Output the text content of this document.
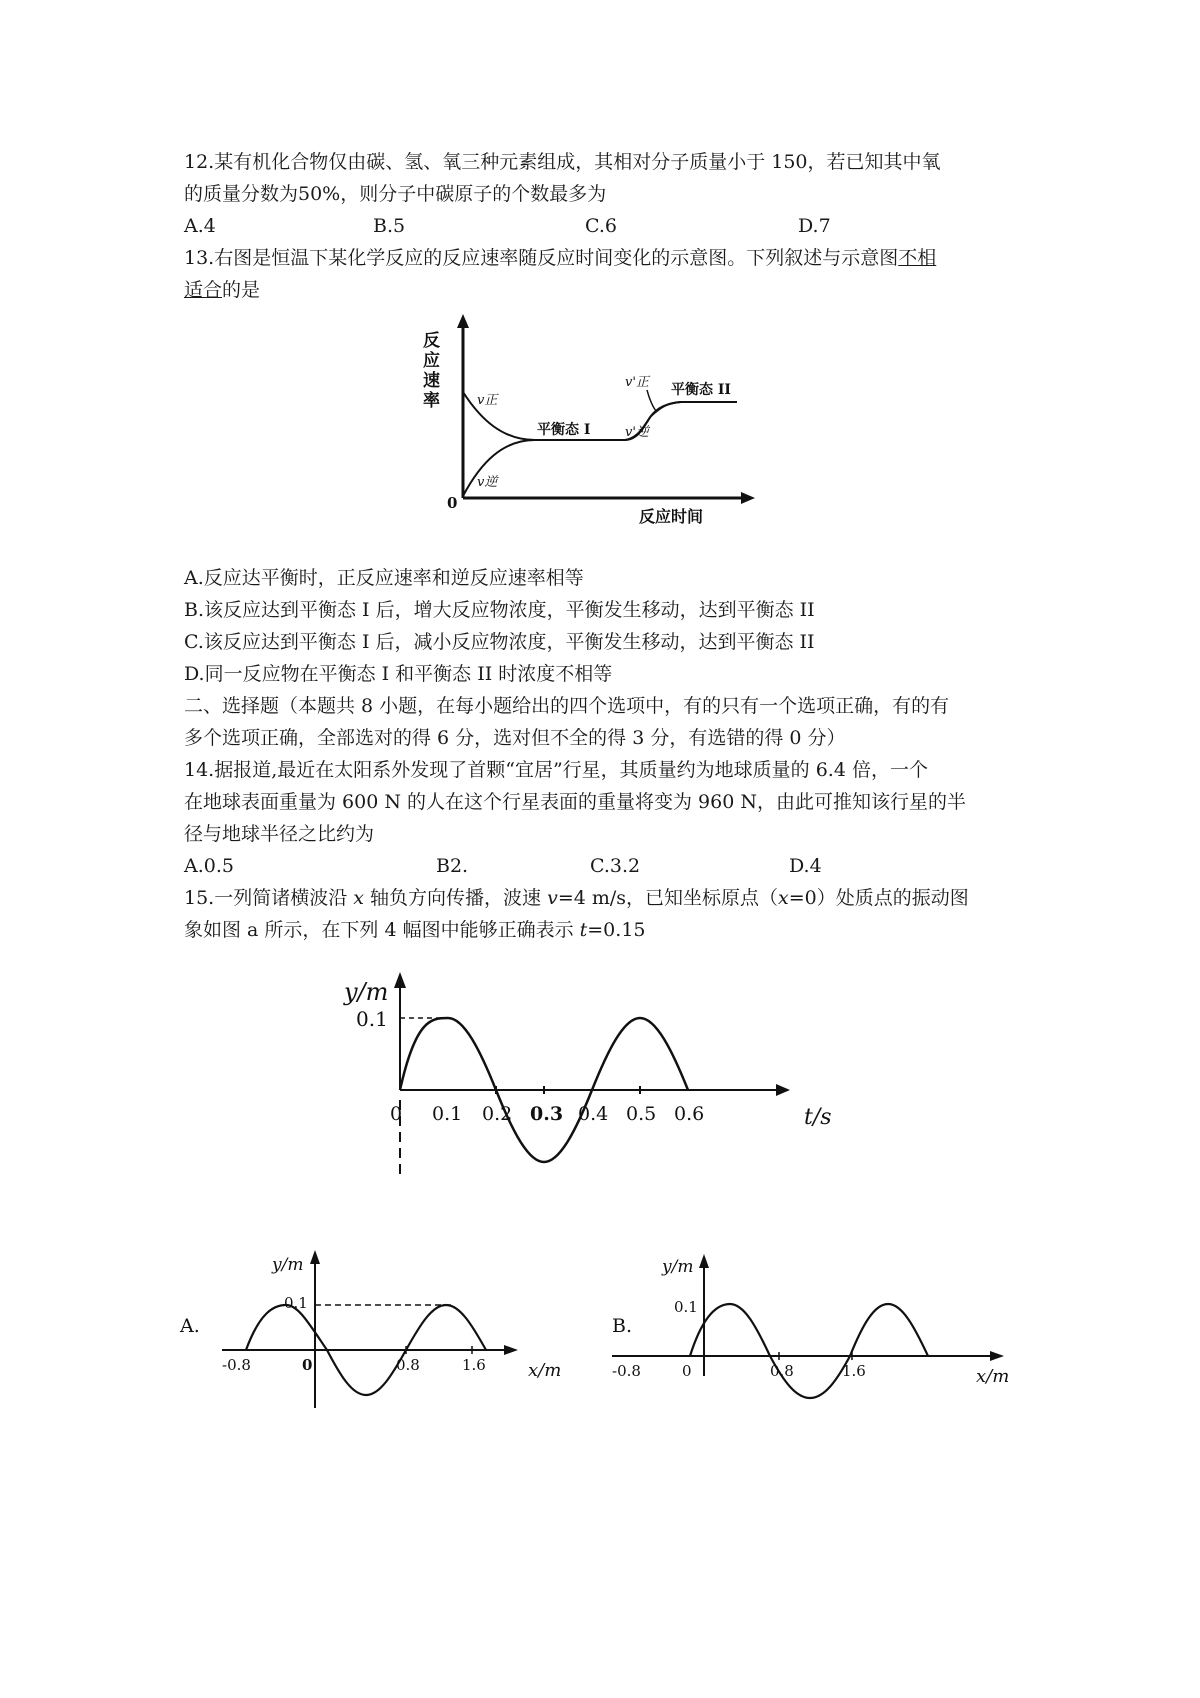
12.某有机化合物仅由碳、氢、氧三种元素组成，其相对分子质量小于 150，若已知其中氧
的质量分数为50%，则分子中碳原子的个数最多为
A.4	B.5	C.6	D.7
13.右图是恒温下某化学反应的反应速率随反应时间变化的示意图。下列叙述与示意图不相
适合的是
反
应
速
率
0
反应时间
v正
v逆
v'正
v'逆
平衡态 I
平衡态 II
A.反应达平衡时，正反应速率和逆反应速率相等
B.该反应达到平衡态 I 后，增大反应物浓度，平衡发生移动，达到平衡态 II
C.该反应达到平衡态 I 后，减小反应物浓度，平衡发生移动，达到平衡态 II
D.同一反应物在平衡态 I 和平衡态 II 时浓度不相等
二、选择题（本题共 8 小题，在每小题给出的四个选项中，有的只有一个选项正确，有的有
多个选项正确，全部选对的得 6 分，选对但不全的得 3 分，有选错的得 0 分）
14.据报道,最近在太阳系外发现了首颗“宜居”行星，其质量约为地球质量的 6.4 倍，一个
在地球表面重量为 600 N 的人在这个行星表面的重量将变为 960 N，由此可推知该行星的半
径与地球半径之比约为
A.0.5	B2.	C.3.2	D.4
15.一列简诸横波沿 x 轴负方向传播，波速 v=4 m/s，已知坐标原点（x=0）处质点的振动图
象如图 a 所示，在下列 4 幅图中能够正确表示 t=0.15
y/m
0.1
0 0.1 0.2 0.3 0.4 0.5 0.6	t/s
A.
y/m
0.1
-0.8	0	0.8	1.6 x/m
B.
y/m
0.1
-0.8	0	0.8	1.6	x/m
